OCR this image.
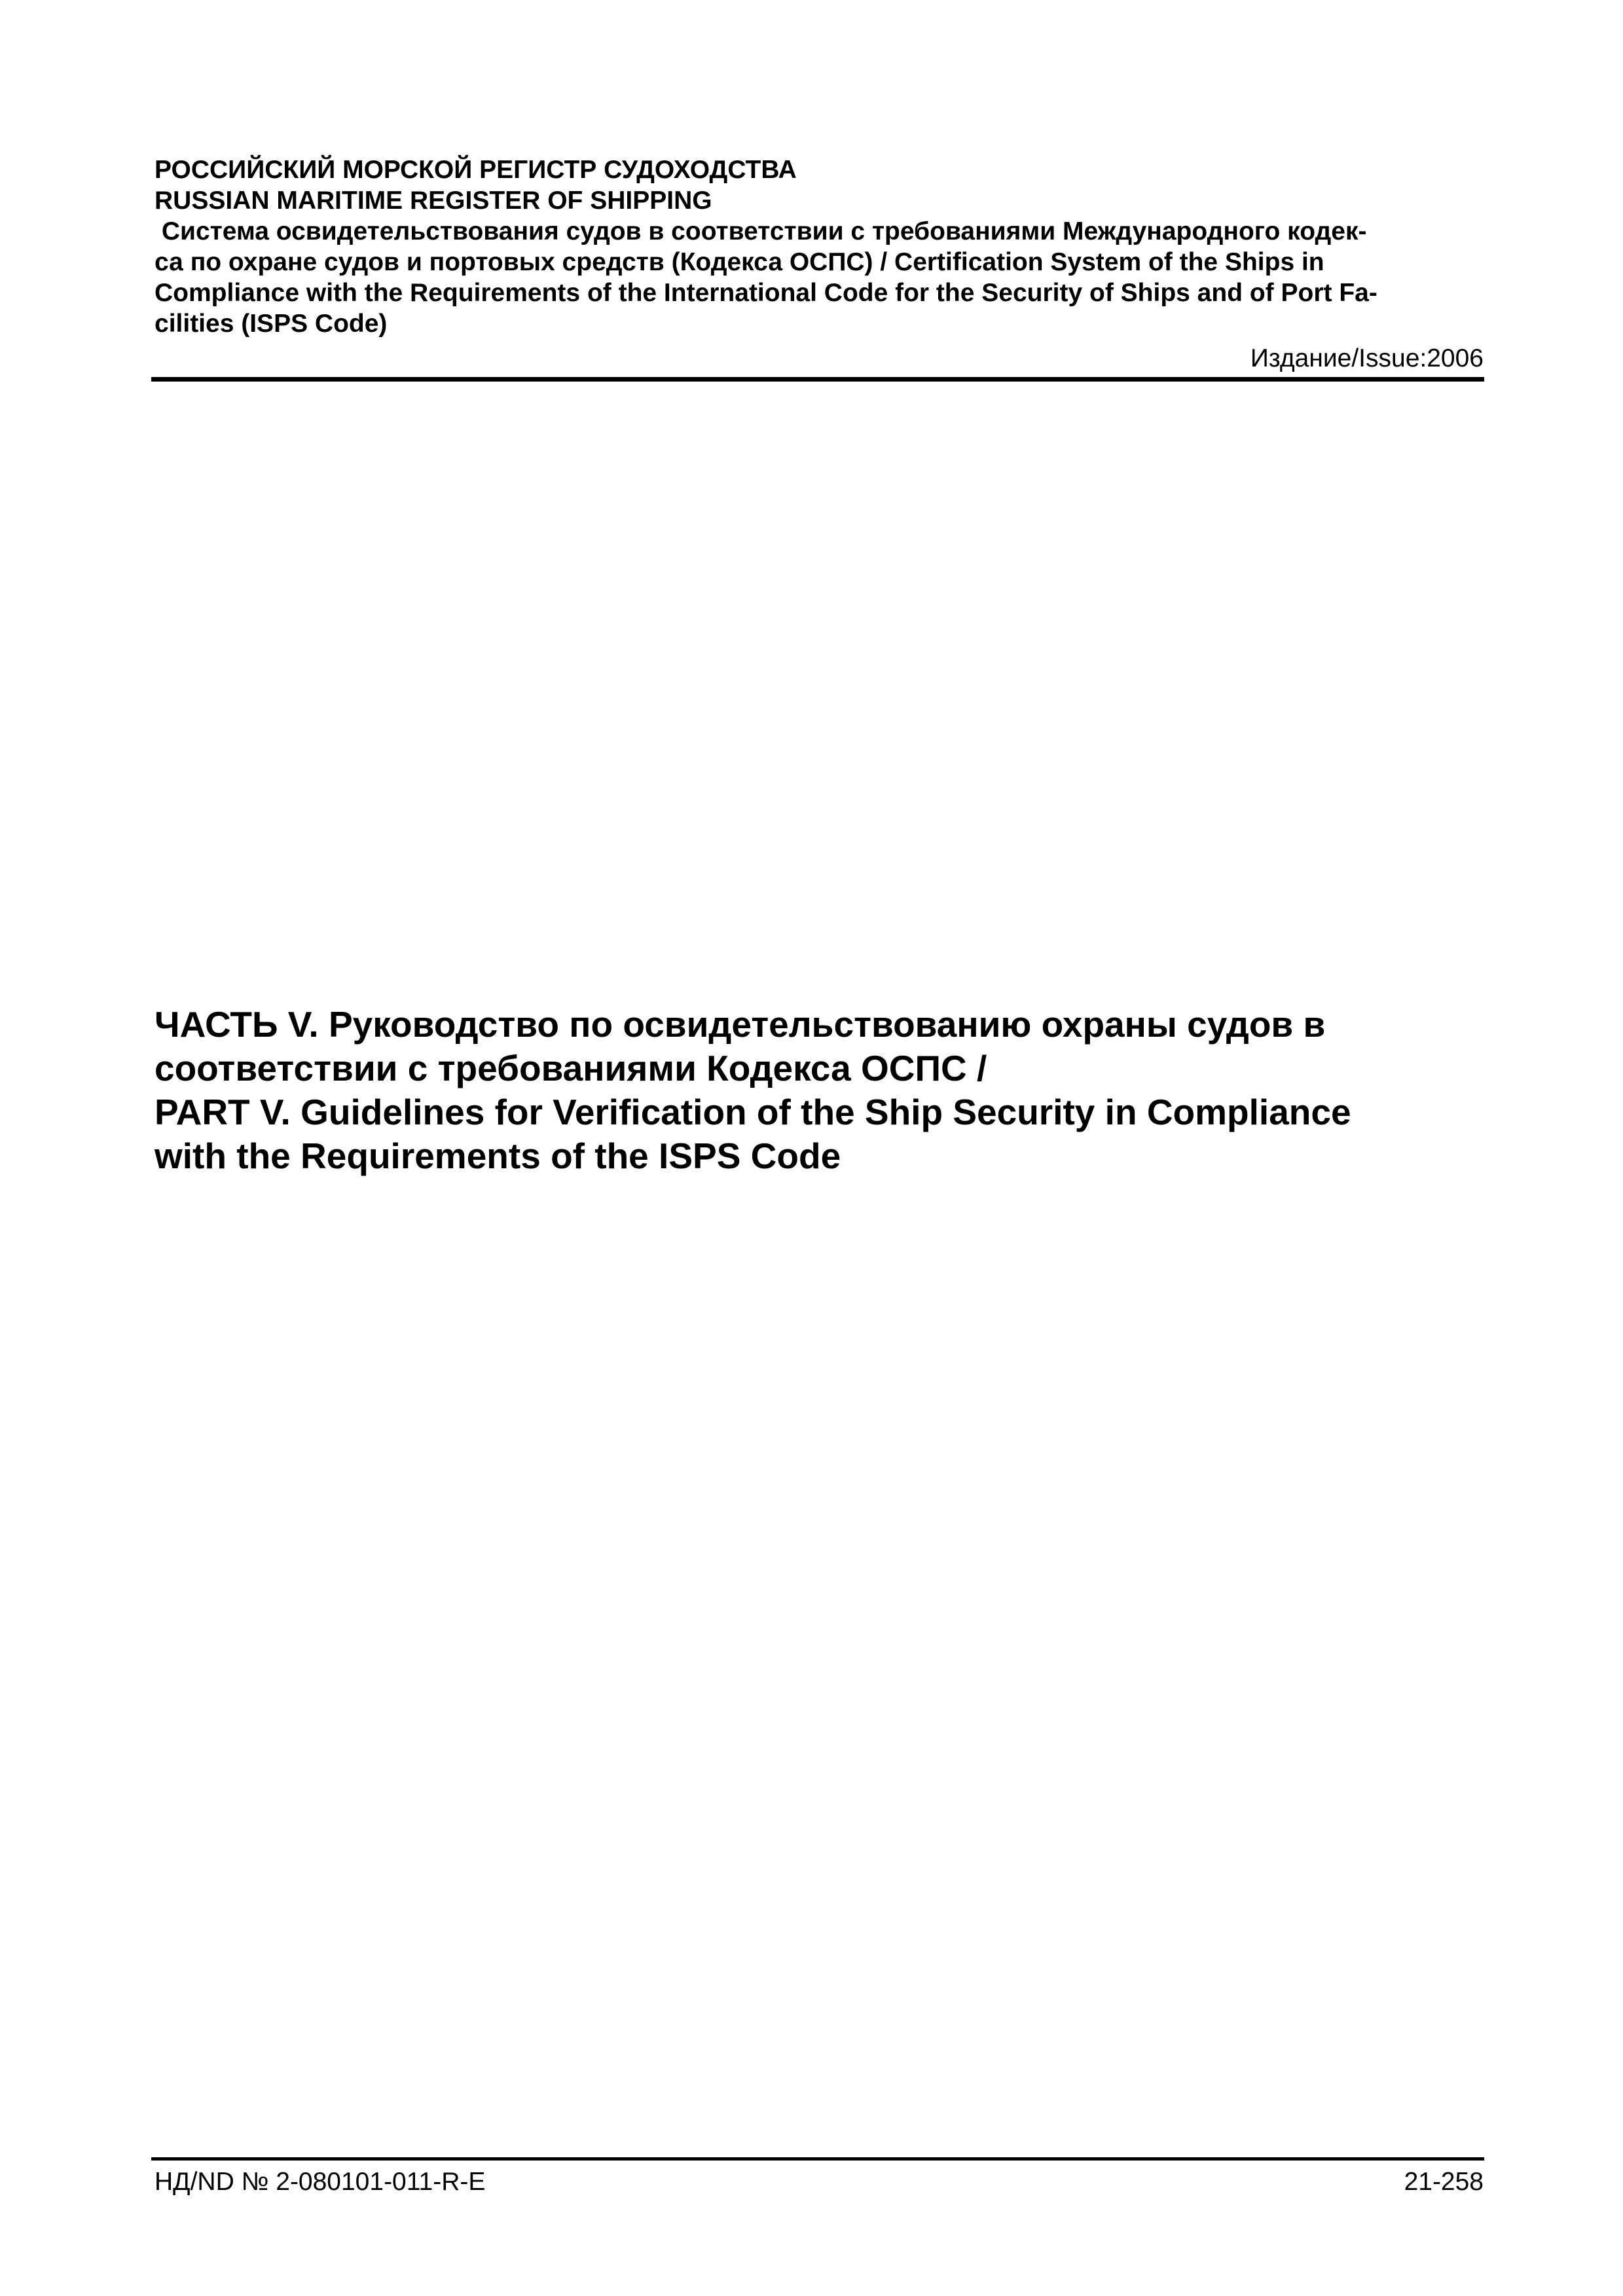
РОССИЙСКИЙ МОРСКОЙ РЕГИСТР СУДОХОДСТВА
RUSSIAN MARITIME REGISTER OF SHIPPING
Система освидетельствования судов в соответствии с требованиями Международного кодек-
са по охране судов и портовых средств (Кодекса ОСПС) / Certification System of the Ships in
Compliance with the Requirements of the International Code for the Security of Ships and of Port Fa-
cilities (ISPS Code)
Издание/Issue:2006
ЧАСТЬ V. Руководство по освидетельствованию охраны судов в
соответствии с требованиями Кодекса ОСПС /
PART V. Guidelines for Verification of the Ship Security in Compliance
with the Requirements of the ISPS Code
НД/ND № 2-080101-011-R-E	21-258
